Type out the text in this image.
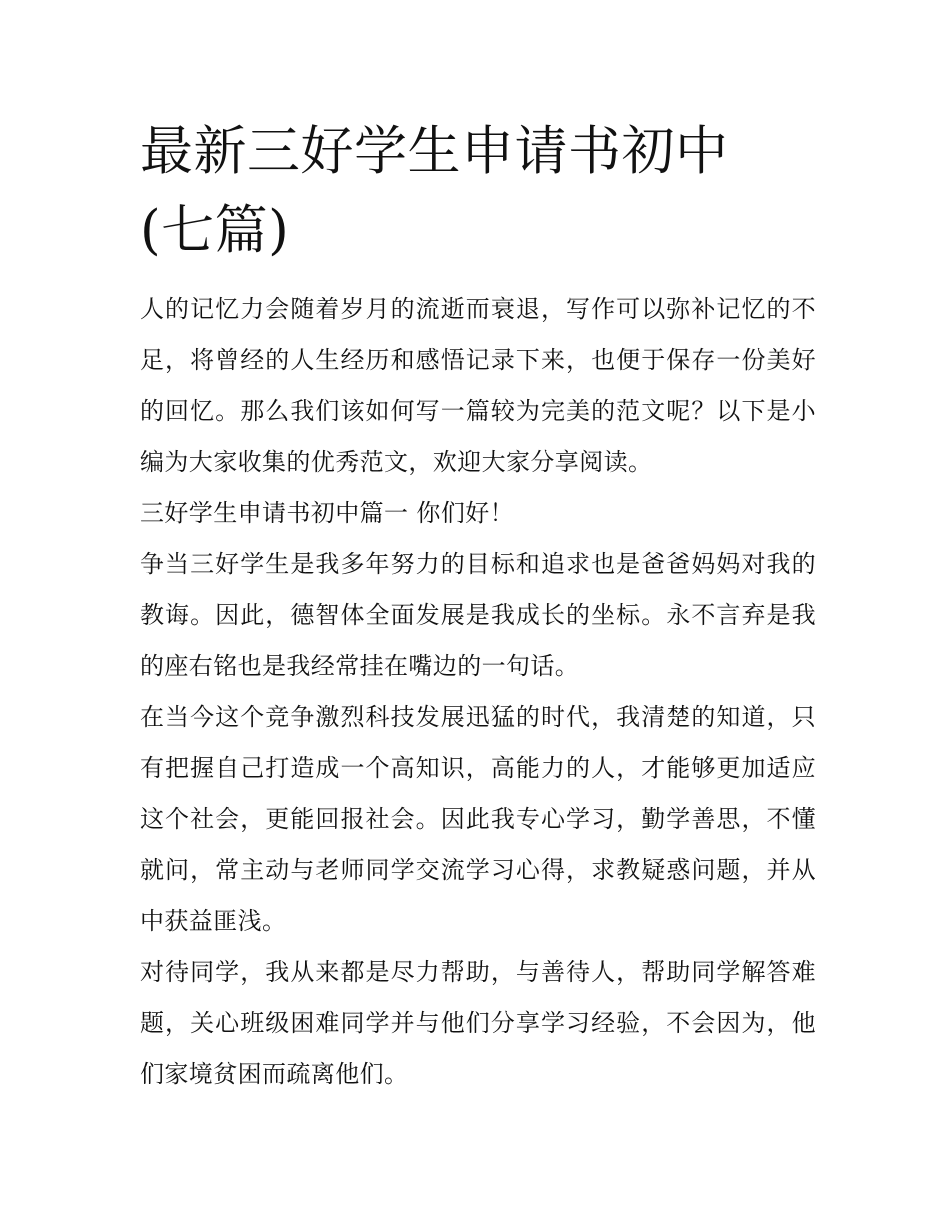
最新三好学生申请书初中(七篇)

人的记忆力会随着岁月的流逝而衰退，写作可以弥补记忆的不足，将曾经的人生经历和感悟记录下来，也便于保存一份美好的回忆。那么我们该如何写一篇较为完美的范文呢？以下是小编为大家收集的优秀范文，欢迎大家分享阅读。

三好学生申请书初中篇一 你们好！

争当三好学生是我多年努力的目标和追求也是爸爸妈妈对我的教诲。因此，德智体全面发展是我成长的坐标。永不言弃是我的座右铭也是我经常挂在嘴边的一句话。

在当今这个竞争激烈科技发展迅猛的时代，我清楚的知道，只有把握自己打造成一个高知识，高能力的人，才能够更加适应这个社会，更能回报社会。因此我专心学习，勤学善思，不懂就问，常主动与老师同学交流学习心得，求教疑惑问题，并从中获益匪浅。

对待同学，我从来都是尽力帮助，与善待人，帮助同学解答难题，关心班级困难同学并与他们分享学习经验，不会因为，他们家境贫困而疏离他们。
